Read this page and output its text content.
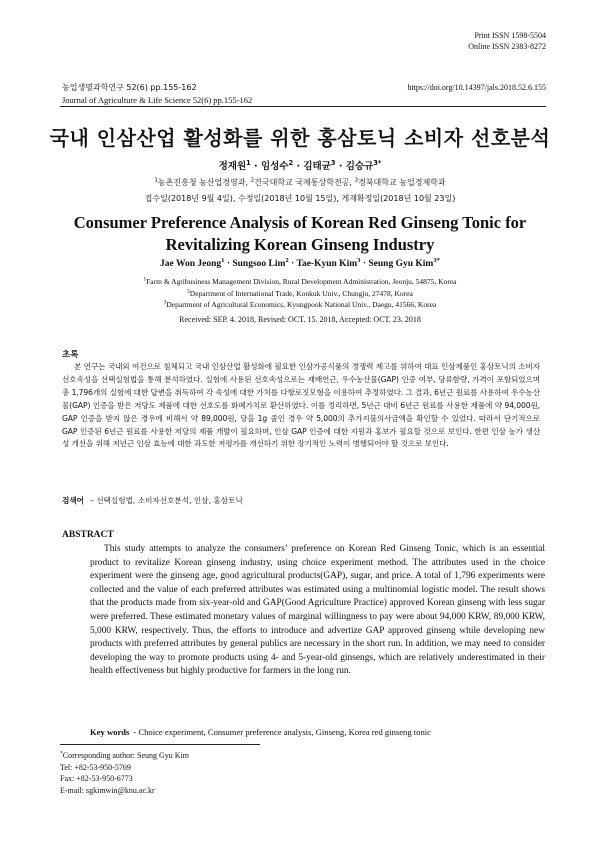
Print ISSN 1598-5504
Online ISSN 2383-8272
농업생명과학연구 52(6) pp.155-162	https://doi.org/10.14397/jals.2018.52.6.155
Journal of Agriculture & Life Science 52(6) pp.155-162
국내 인삼산업 활성화를 위한 홍삼토닉 소비자 선호분석
정재원$^1$ · 임성수$^2$ · 김태균$^3$ · 김승규$^{3*}$
$^1$농촌진흥청 농산업경영과, $^2$건국대학교 국제통상학전공, $^3$경북대학교 농업경제학과
접수일(2018년 9월 4일), 수정일(2018년 10월 15일), 게재확정일(2018년 10월 23일)
Consumer Preference Analysis of Korean Red Ginseng Tonic for
Revitalizing Korean Ginseng Industry
Jae Won Jeong$^1$ · Sungsoo Lim$^2$ · Tae-Kyun Kim$^3$ · Seung Gyu Kim$^{3*}$
$^1$Farm & Agribusiness Management Division, Rural Development Administration, Jeonju, 54875, Korea
$^2$Department of International Trade, Konkuk Univ., Chungju, 27478, Korea
$^3$Department of Agricultural Economics, Kyungpook National Univ., Daegu, 41566, Korea
Received: SEP. 4. 2018, Revised: OCT. 15. 2018, Accepted: OCT. 23. 2018
초록
본 연구는 국내외 여건으로 침체되고 국내 인삼산업 활성화에 필요한 인삼가공식품의 경쟁력 제고를 위하여 대표 인삼제품인 홍삼토닉의 소비자 선호속성을 선택실험법을 통해 분석하였다. 실험에 사용된 선호속성으로는 재배연근, 우수농산물(GAP) 인증 여부, 당류함량, 가격이 포함되었으며 총 1,796개의 실험에 대한 답변을 취득하여 각 속성에 대한 가치를 다항로짓모형을 이용하여 추정하였다. 그 결과, 6년근 원료를 사용하여 우수농산물(GAP) 인증을 받은 저당도 제품에 대한 선호도를 화폐가치로 환산하였다. 이를 정리하면, 5년근 대비 6년근 원료를 사용한 제품에 약 94,000원, GAP 인증을 받지 않은 경우에 비해서 약 89,000원, 당을 1g 줄인 경우 약 5,000의 추가지불의사금액을 확인할 수 있었다. 따라서 단기적으로 GAP 인증된 6년근 원료를 사용한 저당의 제품 개발이 필요하며, 인삼 GAP 인증에 대한 지원과 홍보가 필요할 것으로 보인다. 한편 인삼 농가 생산성 개선을 위해 저년근 인삼 효능에 대한 과도한 저평가를 개선하기 위한 장기적인 노력이 병행되어야 할 것으로 보인다.
검색어 – 선택실험법, 소비자선호분석, 인삼, 홍삼토닉
ABSTRACT
This study attempts to analyze the consumers’ preference on Korean Red Ginseng Tonic, which is an essential product to revitalize Korean ginseng industry, using choice experiment method. The attributes used in the choice experiment were the ginseng age, good agricultural products(GAP), sugar, and price. A total of 1,796 experiments were collected and the value of each preferred attributes was estimated using a multinomial logistic model. The result shows that the products made from six-year-old and GAP(Good Agriculture Practice) approved Korean ginseng with less sugar were preferred. These estimated monetary values of marginal willingness to pay were about 94,000 KRW, 89,000 KRW, 5,000 KRW, respectively. Thus, the efforts to introduce and advertize GAP approved ginseng while developing new products with preferred attributes by general publics are necessary in the short run. In addition, we may need to consider developing the way to promote products using 4- and 5-year-old ginsengs, which are relatively underestimated in their health effectiveness but highly productive for farmers in the long run.
Key words - Choice experiment, Consumer preference analysis, Ginseng, Korea red ginseng tonic
*Corresponding author: Seung Gyu Kim
Tel: +82-53-950-5769
Fax: +82-53-950-6773
E-mail: sgkimwin@knu.ac.kr
